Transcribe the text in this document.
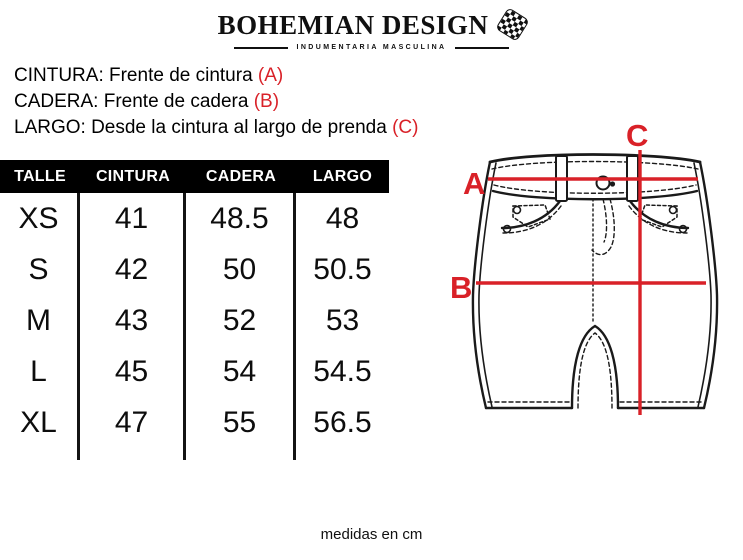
BOHEMIAN DESIGN
INDUMENTARIA MASCULINA
CINTURA: Frente de cintura (A)
CADERA: Frente de cadera (B)
LARGO: Desde la cintura al largo de prenda (C)
TALLE	CINTURA	CADERA	LARGO
XS	41	48.5	48
S	42	50	50.5
M	43	52	53
L	45	54	54.5
XL	47	55	56.5
A
B
C
medidas en cm
